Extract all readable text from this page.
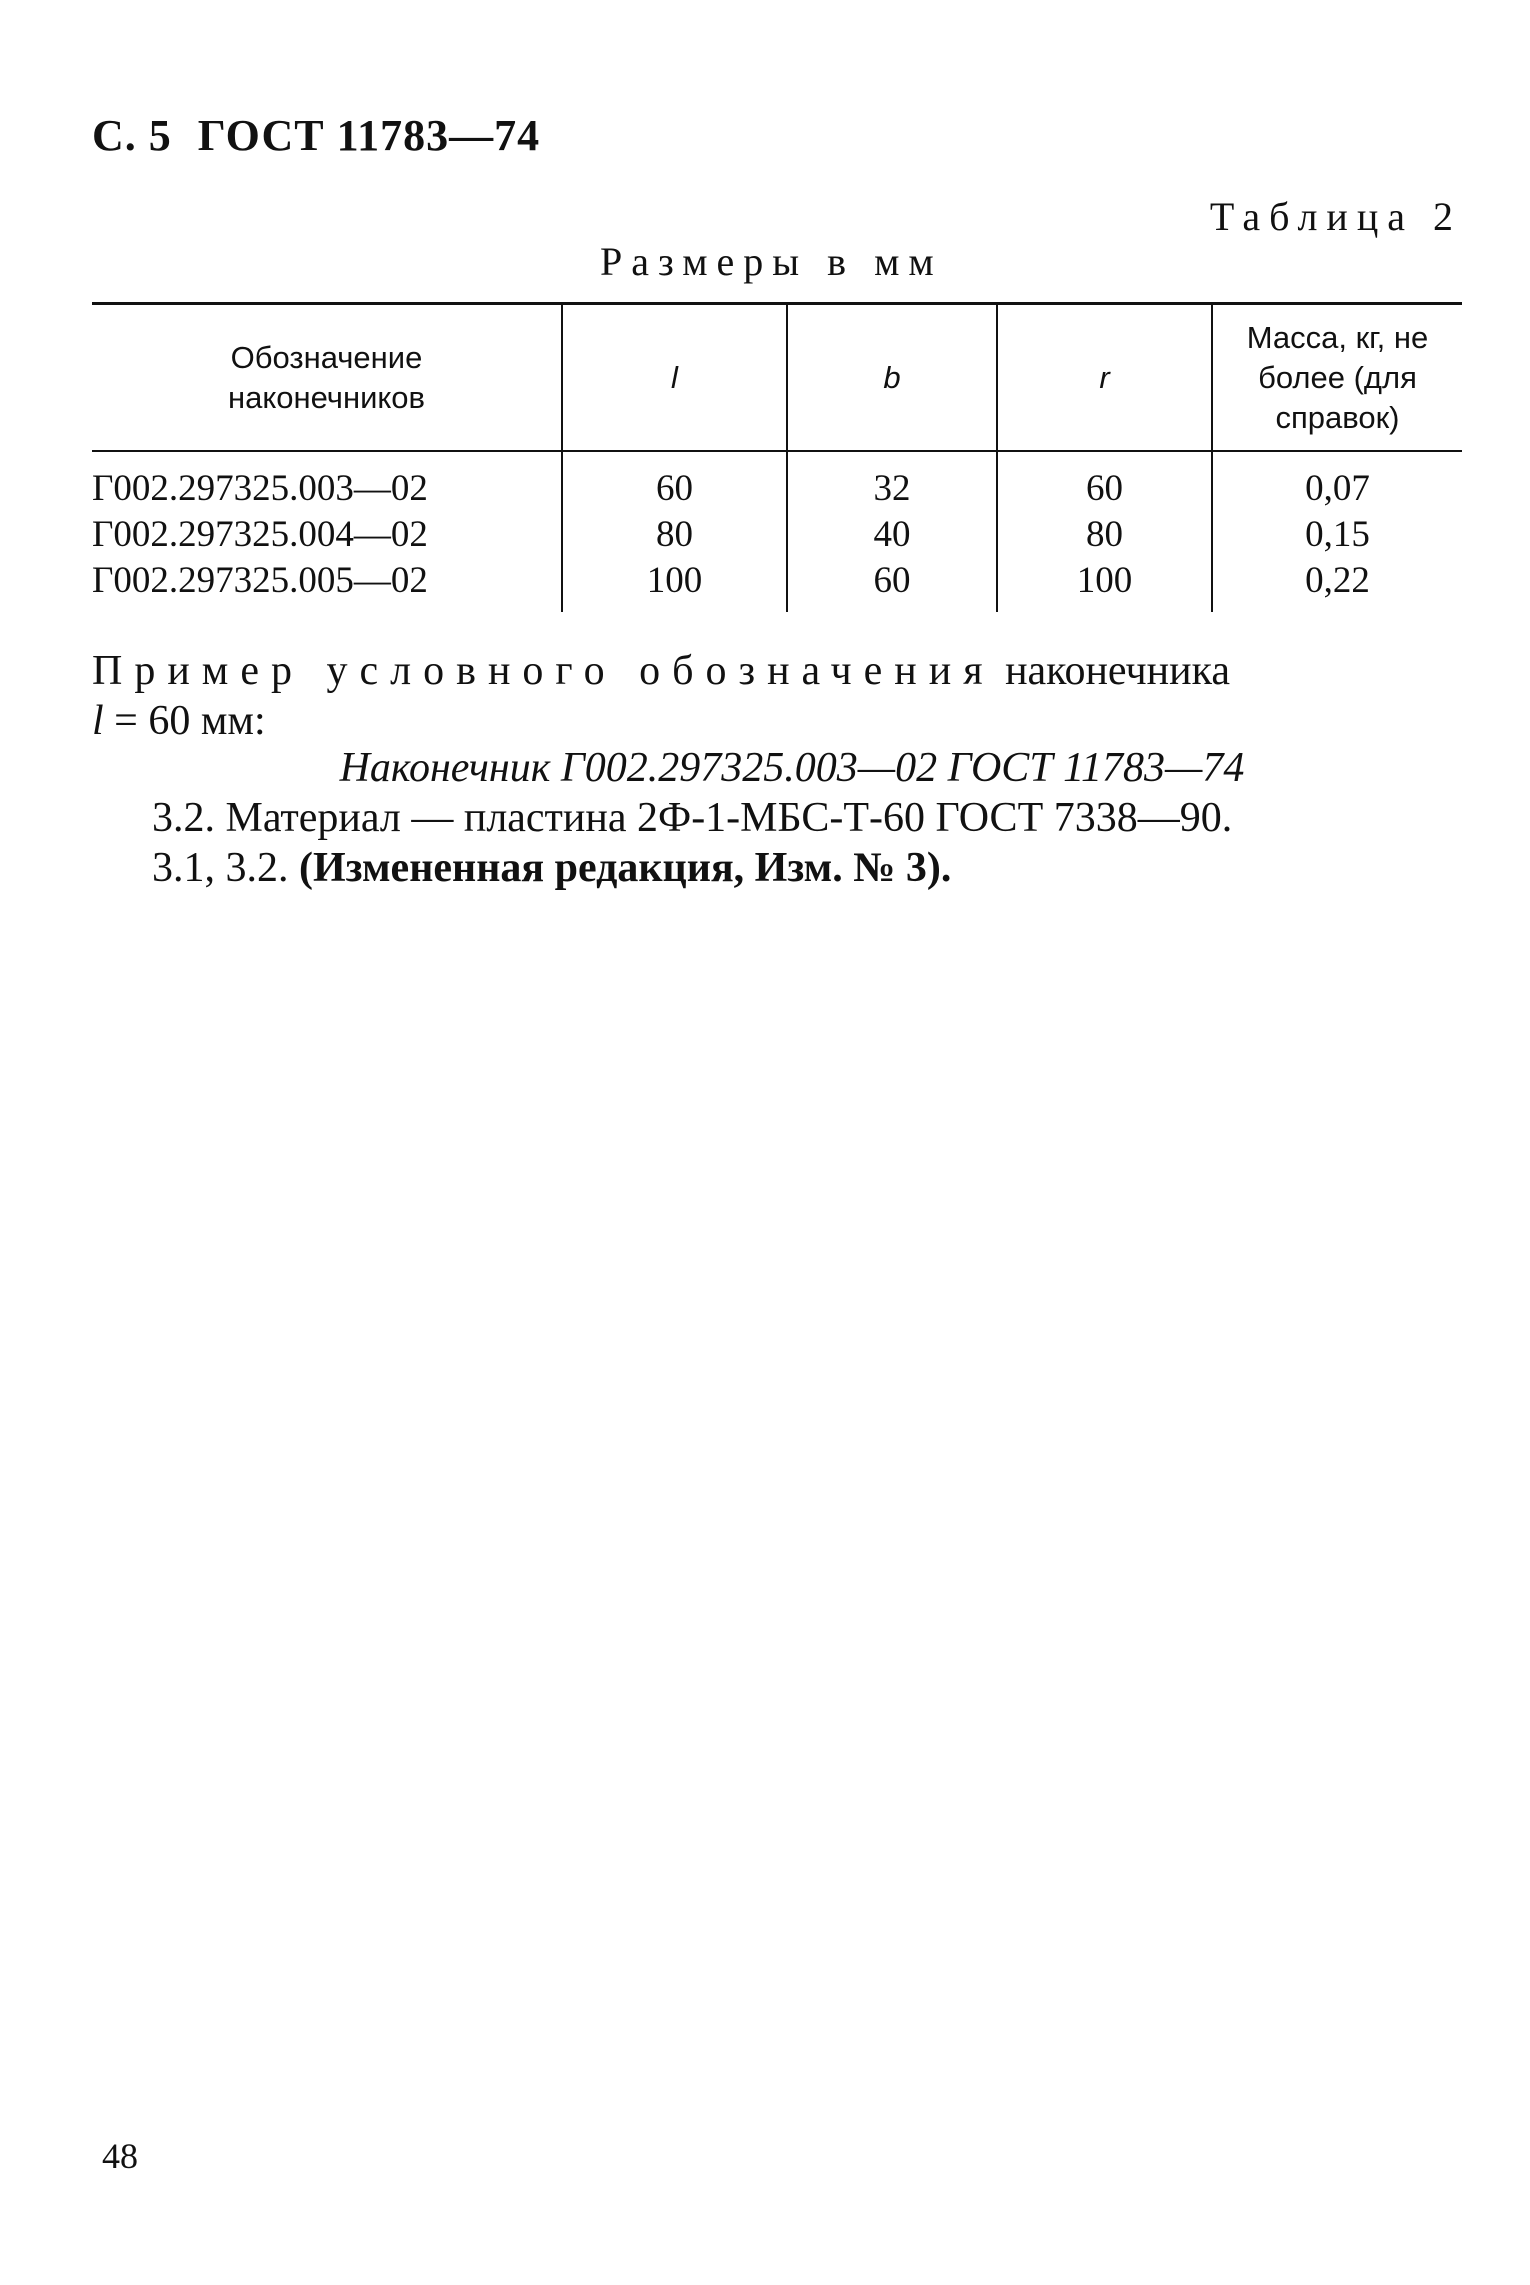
С. 5 ГОСТ 11783—74
Таблица 2
Размеры в мм
Обозначение наконечников	l	b	r	Масса, кг, не более (для справок)

Г002.297325.003—02	60	32	60	0,07
Г002.297325.004—02	80	40	80	0,15
Г002.297325.005—02	100	60	100	0,22
Пример условного обозначения наконечника
l = 60 мм:
Наконечник Г002.297325.003—02 ГОСТ 11783—74
3.2. Материал — пластина 2Ф-1-МБС-Т-60 ГОСТ 7338—90.
3.1, 3.2. (Измененная редакция, Изм. № 3).
48
